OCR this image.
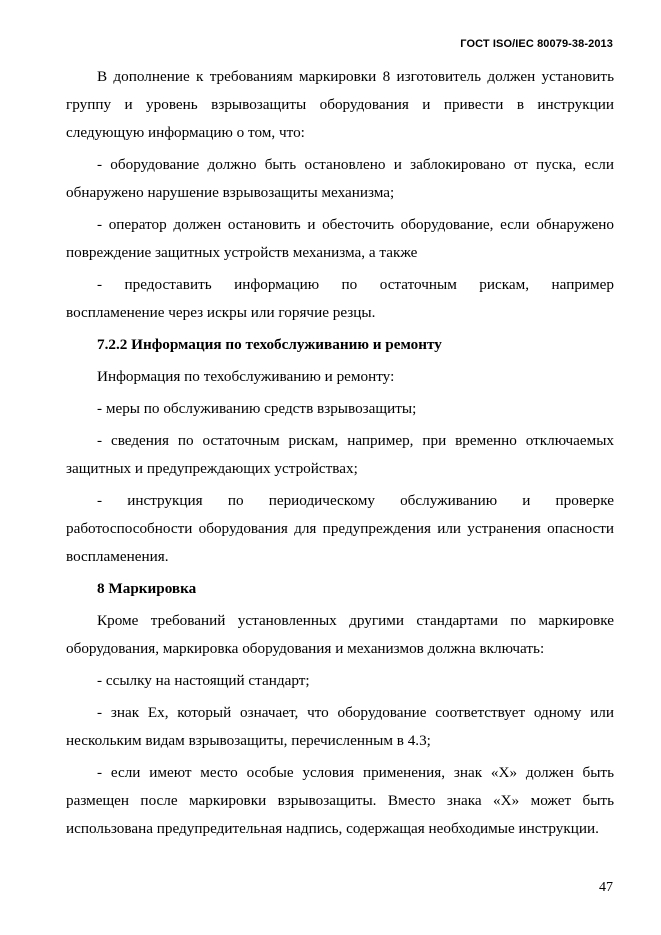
ГОСТ ISO/IEC 80079-38-2013

В дополнение к требованиям маркировки 8 изготовитель должен установить группу и уровень взрывозащиты оборудования и привести в инструкции следующую информацию о том, что:

- оборудование должно быть остановлено и заблокировано от пуска, если обнаружено нарушение взрывозащиты механизма;

- оператор должен остановить и обесточить оборудование, если обнаружено повреждение защитных устройств механизма, а также

- предоставить информацию по остаточным рискам, например
воспламенение через искры или горячие резцы.

7.2.2 Информация по техобслуживанию и ремонту

Информация по техобслуживанию и ремонту:

- меры по обслуживанию средств взрывозащиты;

- сведения по остаточным рискам, например, при временно отключаемых защитных и предупреждающих устройствах;

- инструкция по периодическому обслуживанию и проверке
работоспособности оборудования для предупреждения или устранения опасности воспламенения.

8 Маркировка

Кроме требований установленных другими стандартами по маркировке оборудования, маркировка оборудования и механизмов должна включать:

- ссылку на настоящий стандарт;

- знак Ex, который означает, что оборудование соответствует одному или нескольким видам взрывозащиты, перечисленным в 4.3;

- если имеют место особые условия применения, знак «X» должен быть размещен после маркировки взрывозащиты. Вместо знака «X» может быть использована предупредительная надпись, содержащая необходимые инструкции.

47
